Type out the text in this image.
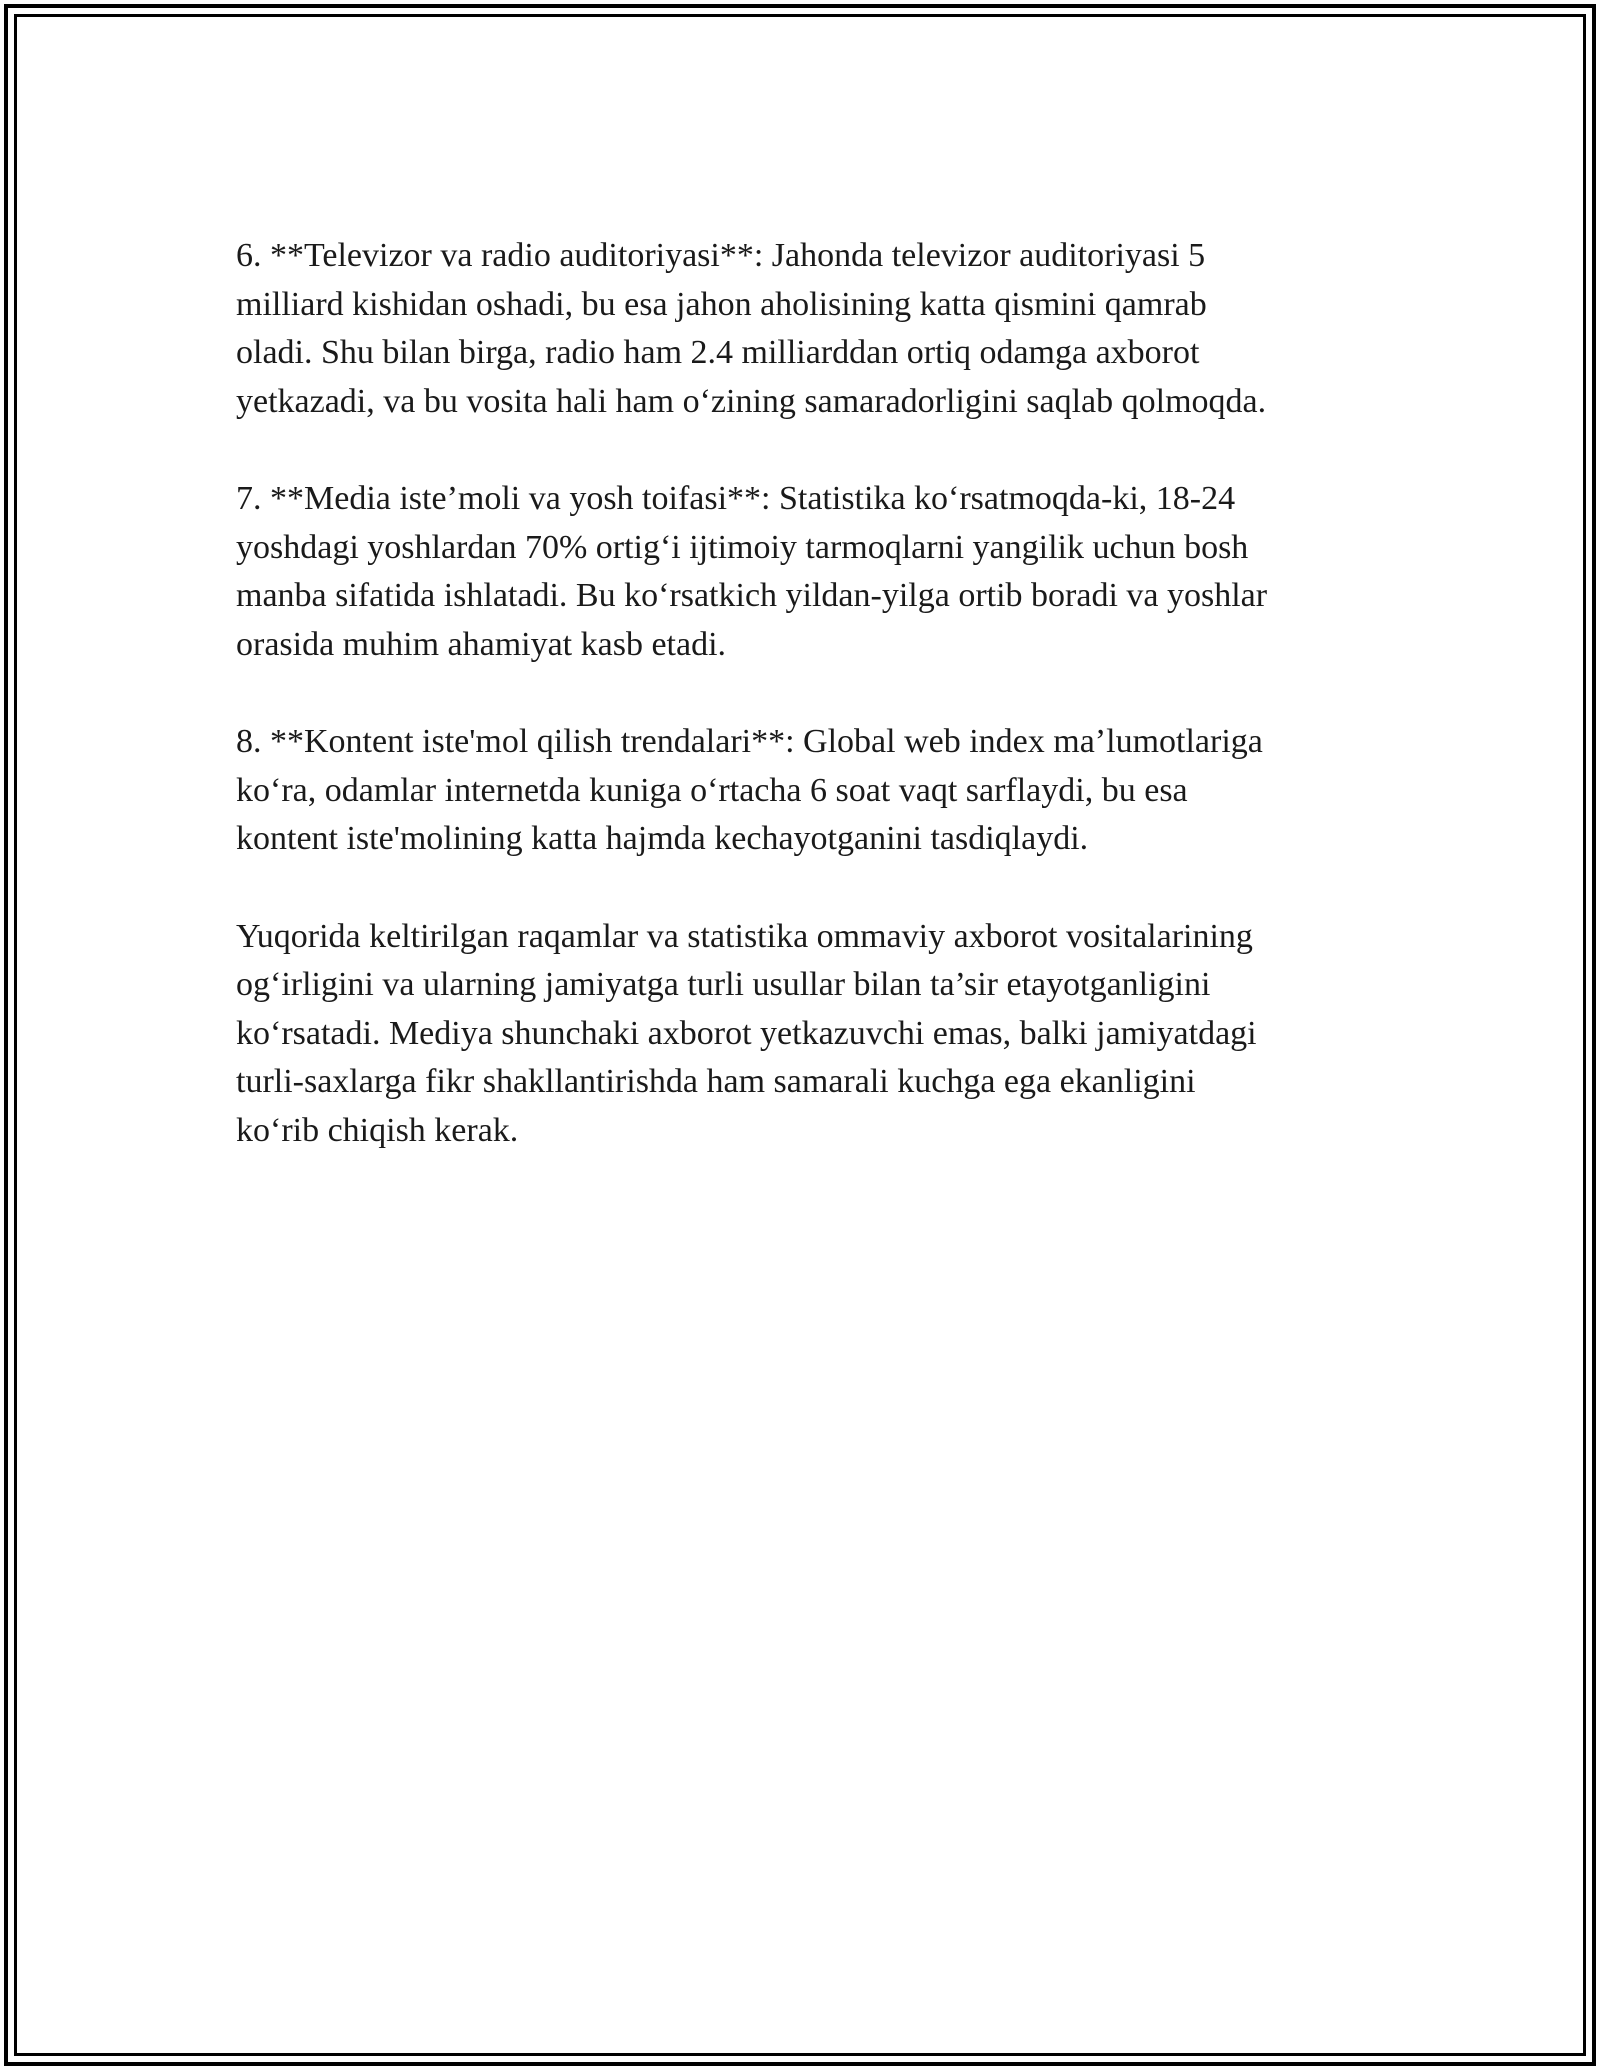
6. **Televizor va radio auditoriyasi**: Jahonda televizor auditoriyasi 5
milliard kishidan oshadi, bu esa jahon aholisining katta qismini qamrab
oladi. Shu bilan birga, radio ham 2.4 milliarddan ortiq odamga axborot
yetkazadi, va bu vosita hali ham o‘zining samaradorligini saqlab qolmoqda.

7. **Media iste’moli va yosh toifasi**: Statistika ko‘rsatmoqda-ki, 18-24
yoshdagi yoshlardan 70% ortig‘i ijtimoiy tarmoqlarni yangilik uchun bosh
manba sifatida ishlatadi. Bu ko‘rsatkich yildan-yilga ortib boradi va yoshlar
orasida muhim ahamiyat kasb etadi.

8. **Kontent iste'mol qilish trendalari**: Global web index ma’lumotlariga
ko‘ra, odamlar internetda kuniga o‘rtacha 6 soat vaqt sarflaydi, bu esa
kontent iste'molining katta hajmda kechayotganini tasdiqlaydi.

Yuqorida keltirilgan raqamlar va statistika ommaviy axborot vositalarining
og‘irligini va ularning jamiyatga turli usullar bilan ta’sir etayotganligini
ko‘rsatadi. Mediya shunchaki axborot yetkazuvchi emas, balki jamiyatdagi
turli-saxlarga fikr shakllantirishda ham samarali kuchga ega ekanligini
ko‘rib chiqish kerak.
